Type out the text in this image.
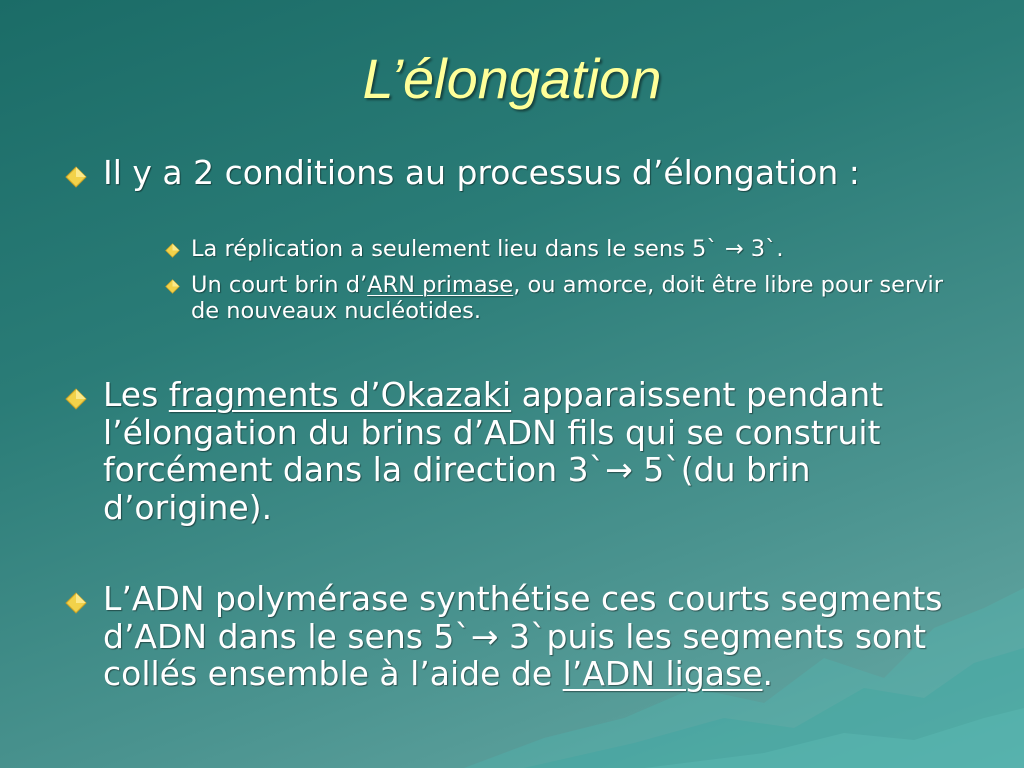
L’élongation
Il y a 2 conditions au processus d’élongation :
La réplication a seulement lieu dans le sens 5` → 3`.
Un court brin d’ARN primase, ou amorce, doit être libre pour servir de nouveaux nucléotides.
Les fragments d’Okazaki apparaissent pendant l’élongation du brins d’ADN fils qui se construit forcément dans la direction 3`→ 5`(du brin d’origine).
L’ADN polymérase synthétise ces courts segments d’ADN dans le sens 5`→ 3`puis les segments sont collés ensemble à l’aide de l’ADN ligase.
